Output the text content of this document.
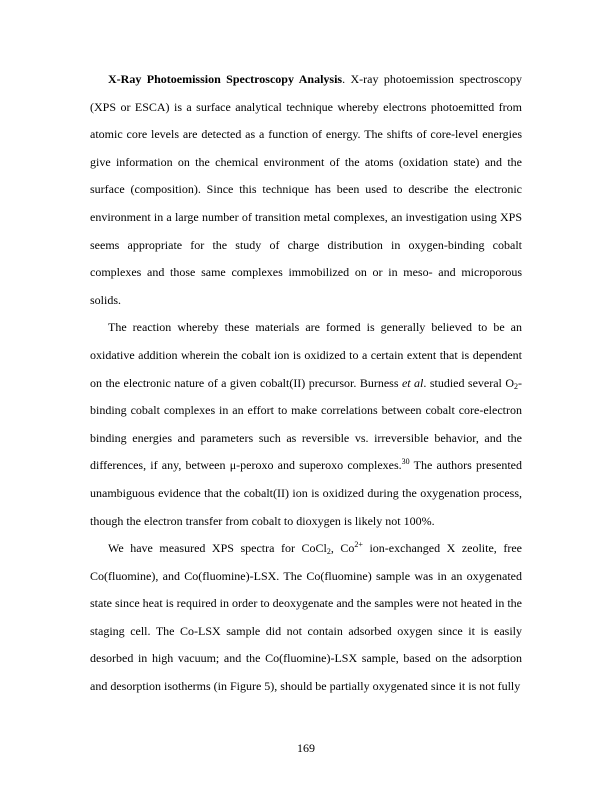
X-Ray Photoemission Spectroscopy Analysis. X-ray photoemission spectroscopy (XPS or ESCA) is a surface analytical technique whereby electrons photoemitted from atomic core levels are detected as a function of energy. The shifts of core-level energies give information on the chemical environment of the atoms (oxidation state) and the surface (composition). Since this technique has been used to describe the electronic environment in a large number of transition metal complexes, an investigation using XPS seems appropriate for the study of charge distribution in oxygen-binding cobalt complexes and those same complexes immobilized on or in meso- and microporous solids.

The reaction whereby these materials are formed is generally believed to be an oxidative addition wherein the cobalt ion is oxidized to a certain extent that is dependent on the electronic nature of a given cobalt(II) precursor. Burness et al. studied several $O_2$-binding cobalt complexes in an effort to make correlations between cobalt core-electron binding energies and parameters such as reversible vs. irreversible behavior, and the differences, if any, between μ-peroxo and superoxo complexes.$^{30}$ The authors presented unambiguous evidence that the cobalt(II) ion is oxidized during the oxygenation process, though the electron transfer from cobalt to dioxygen is likely not 100%.

We have measured XPS spectra for CoCl$_2$, $Co^{2+}$ ion-exchanged X zeolite, free Co(fluomine), and Co(fluomine)-LSX. The Co(fluomine) sample was in an oxygenated state since heat is required in order to deoxygenate and the samples were not heated in the staging cell. The Co-LSX sample did not contain adsorbed oxygen since it is easily desorbed in high vacuum; and the Co(fluomine)-LSX sample, based on the adsorption and desorption isotherms (in Figure 5), should be partially oxygenated since it is not fully

169
